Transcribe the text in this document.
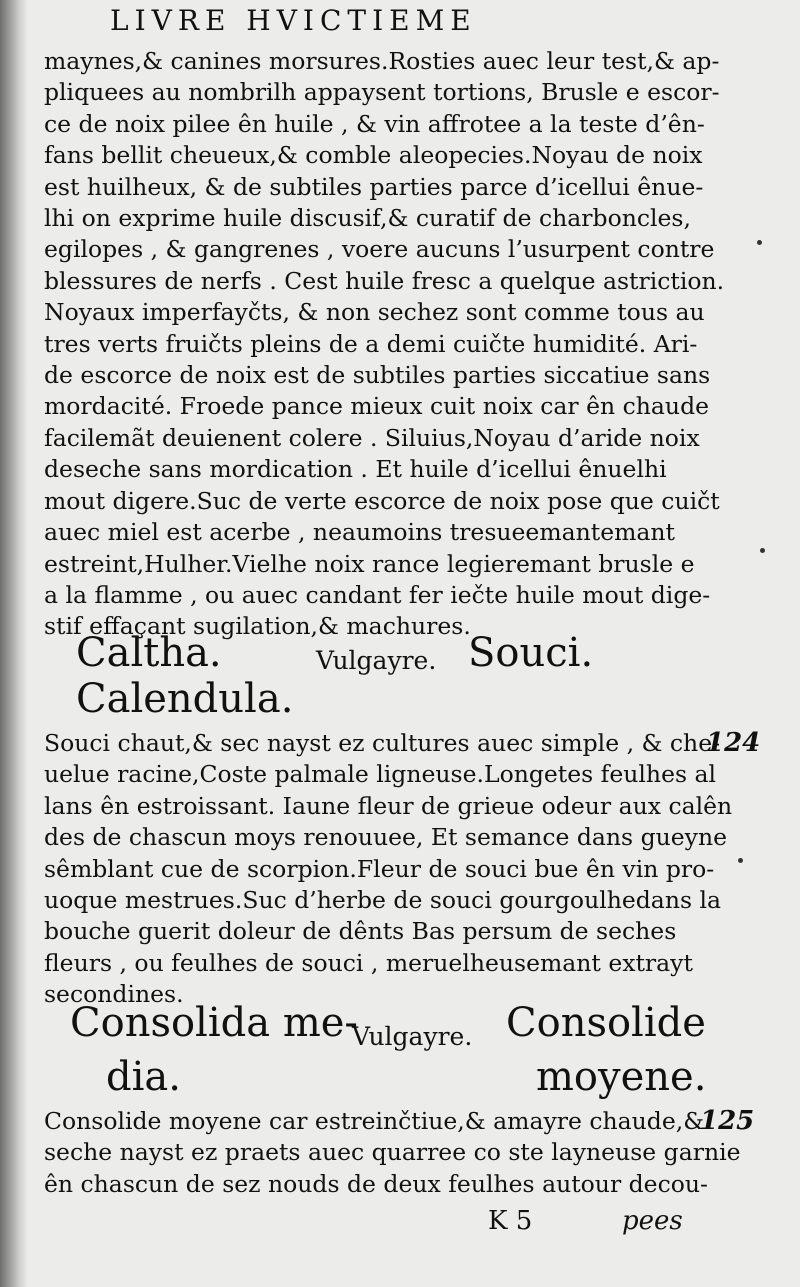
LIVRE HVICTIEME
maynes,& canines morsures.Rosties auec leur test,& ap-
pliquees au nombrilh appaysent tortions, Brusle e escor-
ce de noix pilee ên huile , & vin affrotee a la teste d’ên-
fans bellit cheueux,& comble aleopecies.Noyau de noix
est huilheux, & de subtiles parties parce d’icellui ênue-
lhi on exprime huile discusif,& curatif de charboncles,
egilopes , & gangrenes , voere aucuns l’usurpent contre
blessures de nerfs . Cest huile fresc a quelque astriction.
Noyaux imperfayčts, & non sechez sont comme tous au
tres verts fruičts pleins de a demi cuičte humidité. Ari-
de escorce de noix est de subtiles parties siccatiue sans
mordacité. Froede pance mieux cuit noix car ên chaude
facilemãt deuienent colere . Siluius,Noyau d’aride noix
deseche sans mordication . Et huile d’icellui ênuelhi
mout digere.Suc de verte escorce de noix pose que cuičt
auec miel est acerbe , neaumoins tresueemantemant
estreint,Hulher.Vielhe noix rance legieremant brusle e
a la flamme , ou auec candant fer iečte huile mout dige-
stif effaçant sugilation,& machures.
Caltha.	Vulgayre. Souci.
Calendula.
Souci chaut,& sec nayst ez cultures auec simple , & che-
uelue racine,Coste palmale ligneuse.Longetes feulhes al
lans ên estroissant. Iaune fleur de grieue odeur aux calên
des de chascun moys renouuee, Et semance dans gueyne
sêmblant cue de scorpion.Fleur de souci bue ên vin pro-
uoque mestrues.Suc d’herbe de souci gourgoulhedans la
bouche guerit doleur de dênts Bas persum de seches
fleurs , ou feulhes de souci , meruelheusemant extrayt
secondines.
124
Consolida me-
Vulgayre. Consolide
dia.	moyene.
Consolide moyene car estreinčtiue,& amayre chaude,&
seche nayst ez praets auec quarree co ste layneuse garnie
ên chascun de sez nouds de deux feulhes autour decou-
125
K 5	pees
